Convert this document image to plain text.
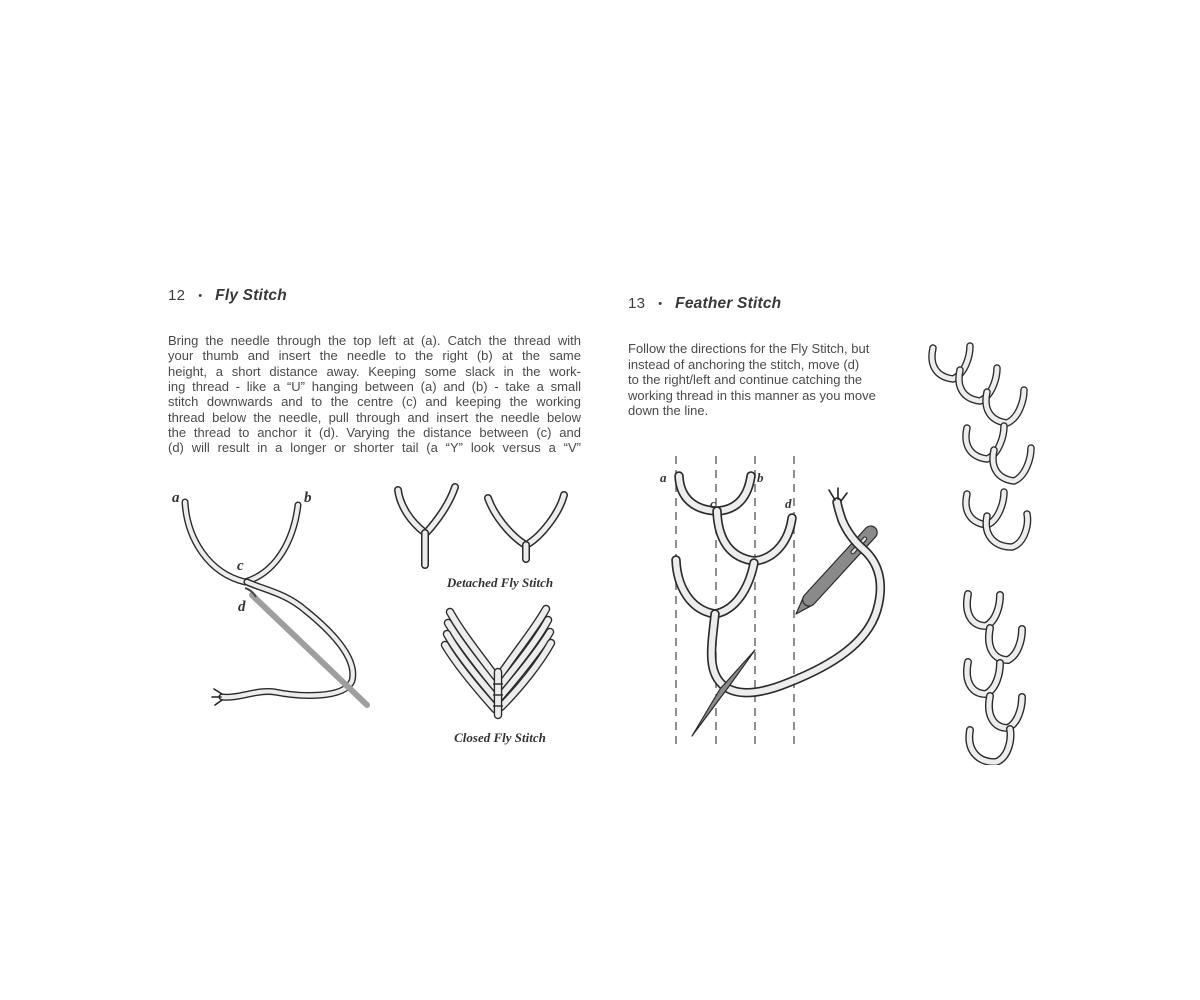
12 • Fly Stitch
Bring the needle through the top left at (a). Catch the thread with
your thumb and insert the needle to the right (b) at the same
height, a short distance away. Keeping some slack in the work-
ing thread - like a “U” hanging between (a) and (b) - take a small
stitch downwards and to the centre (c) and keeping the working
thread below the needle, pull through and insert the needle below
the thread to anchor it (d). Varying the distance between (c) and
(d) will result in a longer or shorter tail (a “Y” look versus a “V”
a	b
c
d
Detached Fly Stitch
Closed Fly Stitch
13 • Feather Stitch
Follow the directions for the Fly Stitch, but
instead of anchoring the stitch, move (d)
to the right/left and continue catching the
working thread in this manner as you move
down the line.
a	b
c	d
